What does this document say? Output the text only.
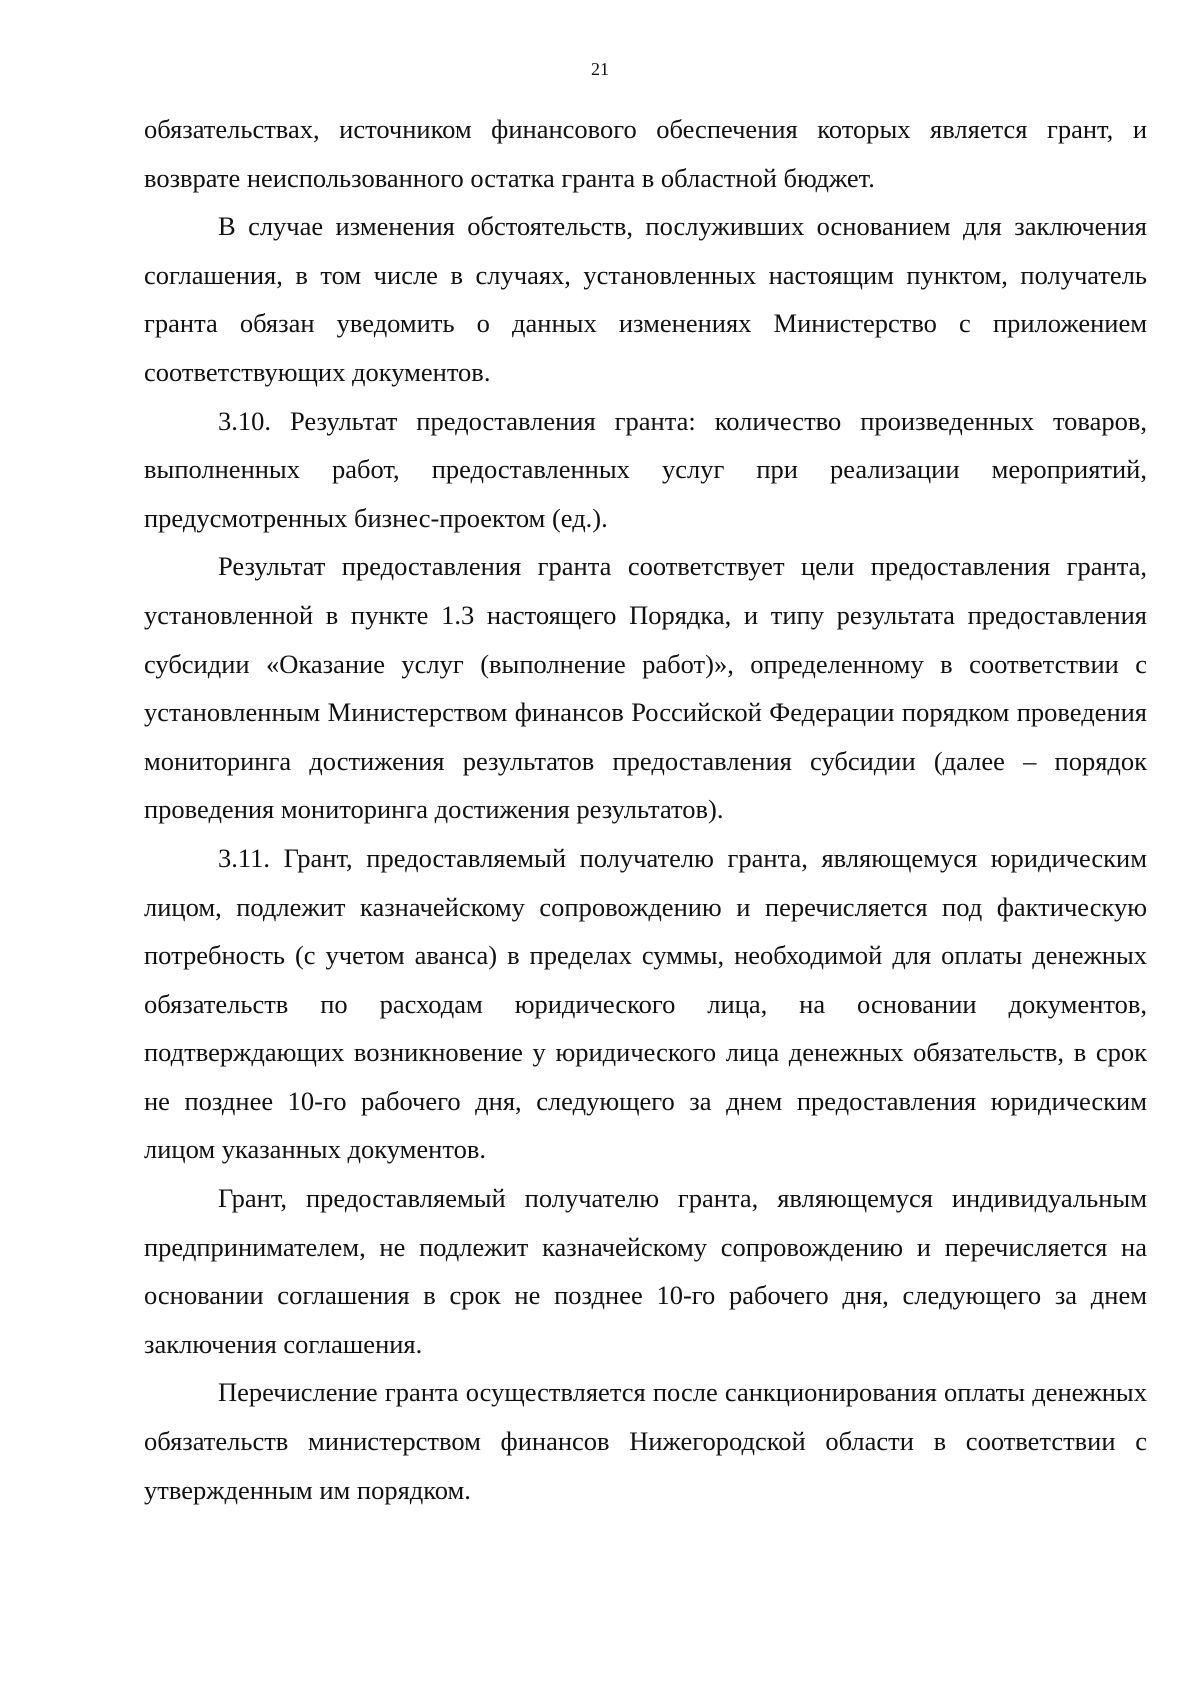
21

обязательствах, источником финансового обеспечения которых является грант, и возврате неиспользованного остатка гранта в областной бюджет.

В случае изменения обстоятельств, послуживших основанием для заключения соглашения, в том числе в случаях, установленных настоящим пунктом, получатель гранта обязан уведомить о данных изменениях Министерство с приложением соответствующих документов.

3.10. Результат предоставления гранта: количество произведенных товаров, выполненных работ, предоставленных услуг при реализации мероприятий, предусмотренных бизнес-проектом (ед.).

Результат предоставления гранта соответствует цели предоставления гранта, установленной в пункте 1.3 настоящего Порядка, и типу результата предоставления субсидии «Оказание услуг (выполнение работ)», определенному в соответствии с установленным Министерством финансов Российской Федерации порядком проведения мониторинга достижения результатов предоставления субсидии (далее – порядок проведения мониторинга достижения результатов).

3.11. Грант, предоставляемый получателю гранта, являющемуся юридическим лицом, подлежит казначейскому сопровождению и перечисляется под фактическую потребность (с учетом аванса) в пределах суммы, необходимой для оплаты денежных обязательств по расходам юридического лица, на основании документов, подтверждающих возникновение у юридического лица денежных обязательств, в срок не позднее 10-го рабочего дня, следующего за днем предоставления юридическим лицом указанных документов.

Грант, предоставляемый получателю гранта, являющемуся индивидуальным предпринимателем, не подлежит казначейскому сопровождению и перечисляется на основании соглашения в срок не позднее 10-го рабочего дня, следующего за днем заключения соглашения.

Перечисление гранта осуществляется после санкционирования оплаты денежных обязательств министерством финансов Нижегородской области в соответствии с утвержденным им порядком.
